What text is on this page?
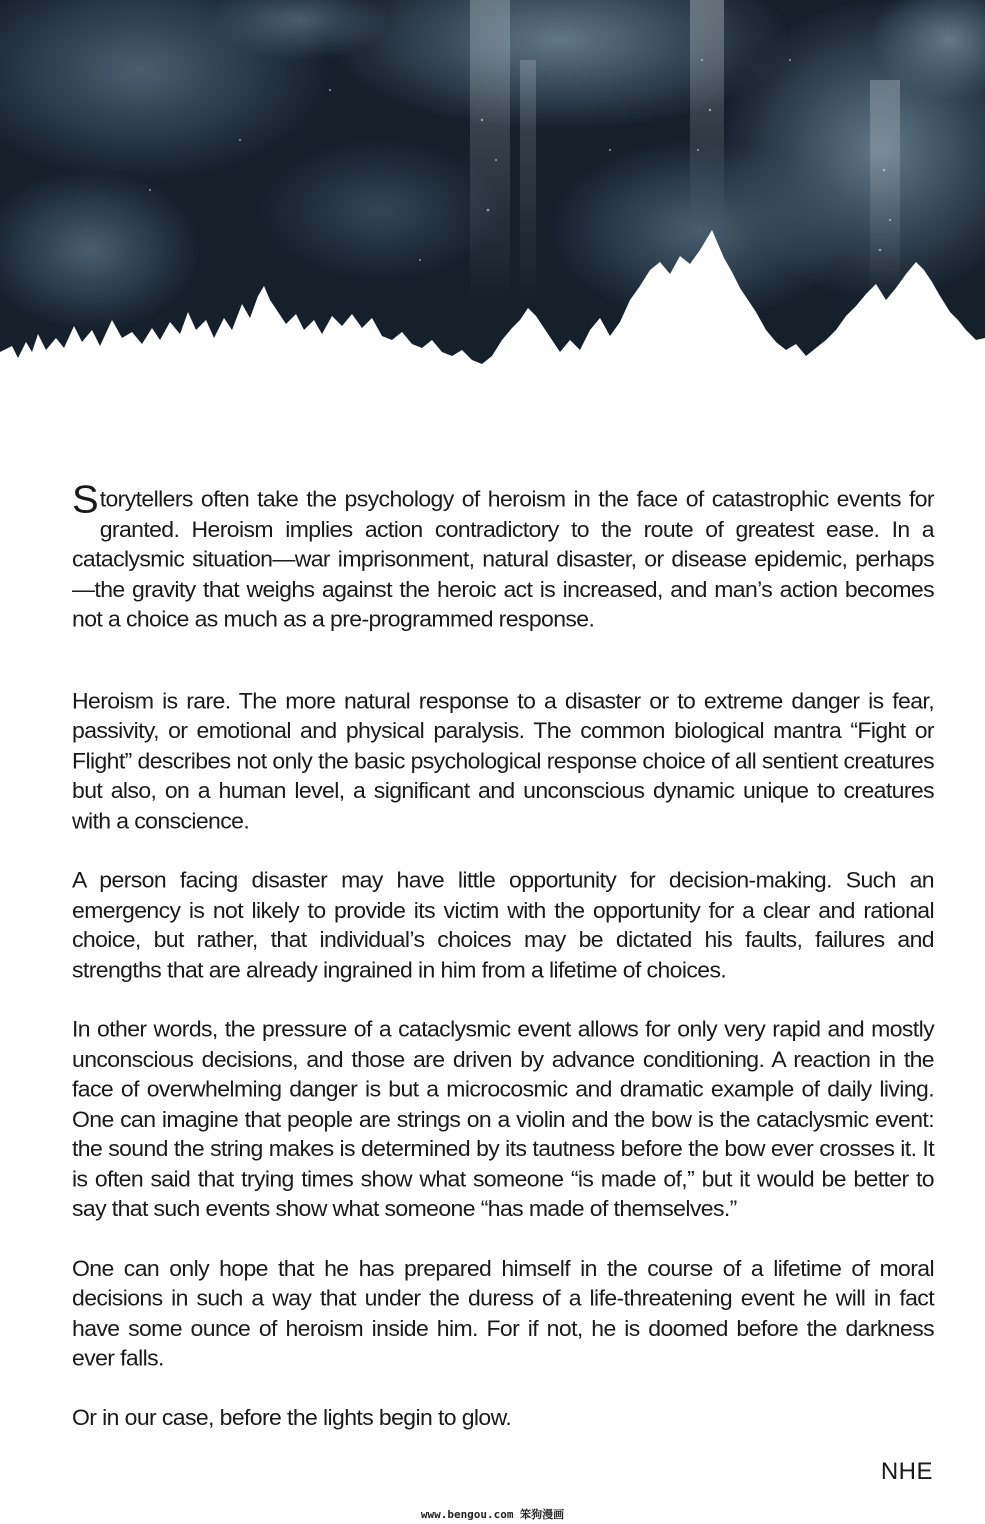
Storytellers often take the psychology of heroism in the face of catastrophic events for granted. Heroism implies action contradictory to the route of greatest ease. In a cataclysmic situation—war imprisonment, natural disaster, or disease epidemic, perhaps—the gravity that weighs against the heroic act is increased, and man’s action becomes not a choice as much as a pre-programmed response.

Heroism is rare. The more natural response to a disaster or to extreme danger is fear, passivity, or emotional and physical paralysis. The common biological mantra “Fight or Flight” describes not only the basic psychological response choice of all sentient creatures but also, on a human level, a significant and unconscious dynamic unique to creatures with a conscience.

A person facing disaster may have little opportunity for decision-making. Such an emergency is not likely to provide its victim with the opportunity for a clear and rational choice, but rather, that individual’s choices may be dictated his faults, failures and strengths that are already ingrained in him from a lifetime of choices.

In other words, the pressure of a cataclysmic event allows for only very rapid and mostly unconscious decisions, and those are driven by advance conditioning. A reaction in the face of overwhelming danger is but a microcosmic and dramatic example of daily living. One can imagine that people are strings on a violin and the bow is the cataclysmic event: the sound the string makes is determined by its tautness before the bow ever crosses it. It is often said that trying times show what someone “is made of,” but it would be better to say that such events show what someone “has made of themselves.”

One can only hope that he has prepared himself in the course of a lifetime of moral decisions in such a way that under the duress of a life-threatening event he will in fact have some ounce of heroism inside him. For if not, he is doomed before the darkness ever falls.

Or in our case, before the lights begin to glow.

NHE
www.bengou.com 笨狗漫画
